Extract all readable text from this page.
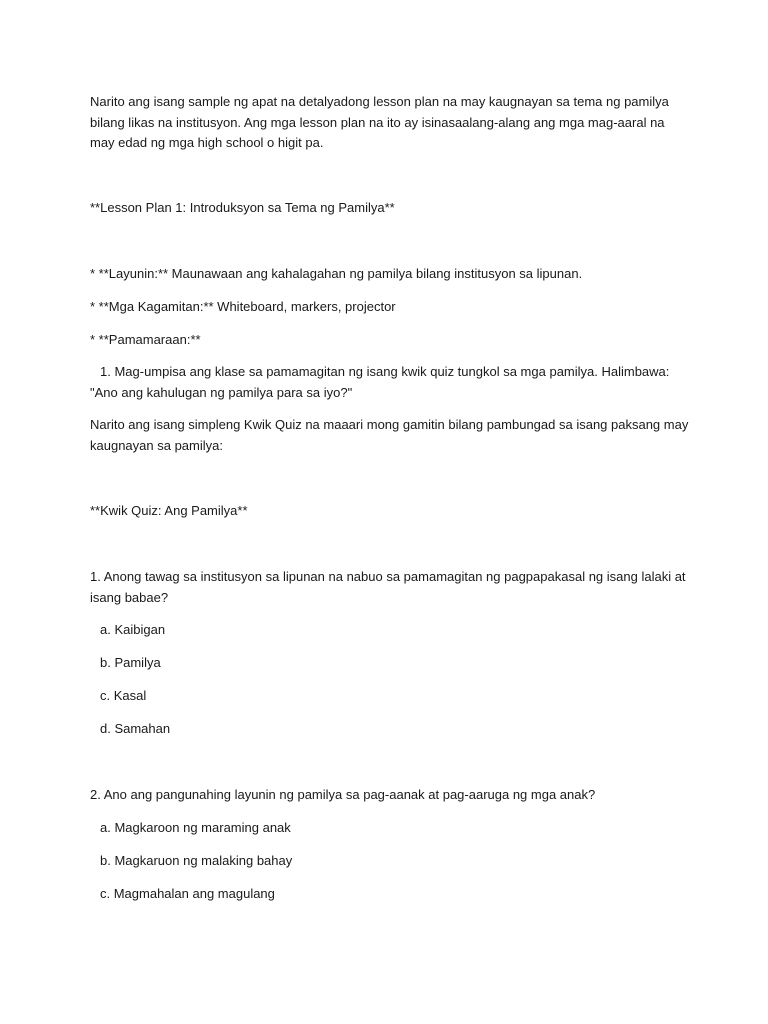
Narito ang isang sample ng apat na detalyadong lesson plan na may kaugnayan sa tema ng pamilya bilang likas na institusyon. Ang mga lesson plan na ito ay isinasaalang-alang ang mga mag-aaral na may edad ng mga high school o higit pa.

**Lesson Plan 1: Introduksyon sa Tema ng Pamilya**

* **Layunin:** Maunawaan ang kahalagahan ng pamilya bilang institusyon sa lipunan.

* **Mga Kagamitan:** Whiteboard, markers, projector

* **Pamamaraan:**

1. Mag-umpisa ang klase sa pamamagitan ng isang kwik quiz tungkol sa mga pamilya. Halimbawa: "Ano ang kahulugan ng pamilya para sa iyo?"

Narito ang isang simpleng Kwik Quiz na maaari mong gamitin bilang pambungad sa isang paksang may kaugnayan sa pamilya:

**Kwik Quiz: Ang Pamilya**

1. Anong tawag sa institusyon sa lipunan na nabuo sa pamamagitan ng pagpapakasal ng isang lalaki at isang babae?

a. Kaibigan

b. Pamilya

c. Kasal

d. Samahan

2. Ano ang pangunahing layunin ng pamilya sa pag-aanak at pag-aaruga ng mga anak?

a. Magkaroon ng maraming anak

b. Magkaruon ng malaking bahay

c. Magmahalan ang magulang
